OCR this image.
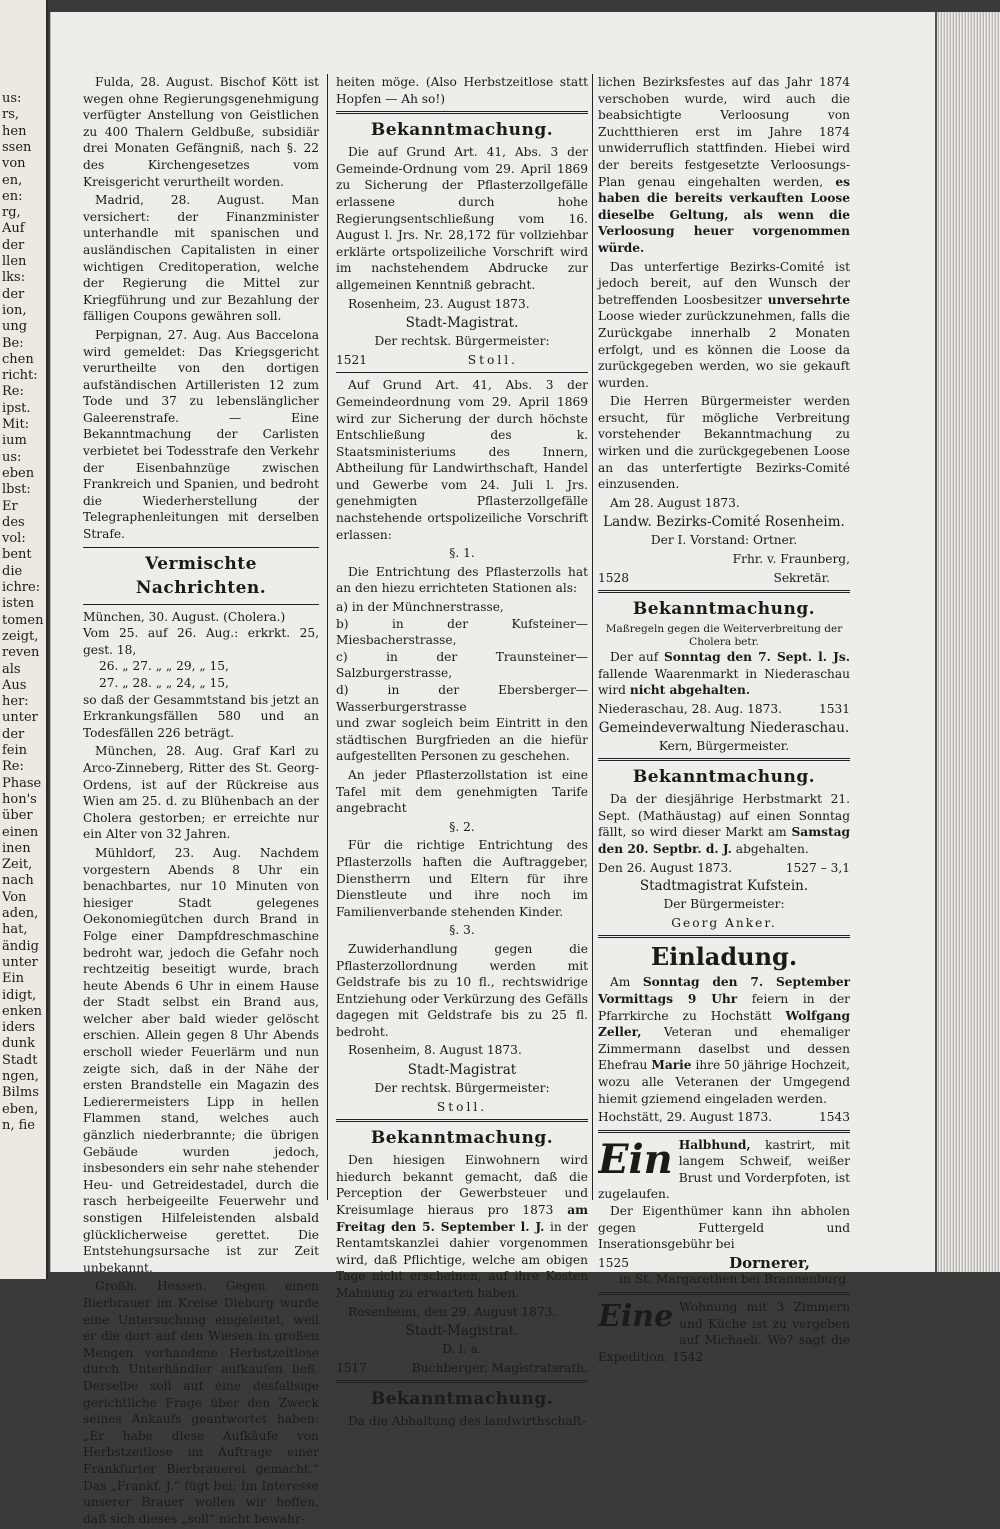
us:
rs,
hen
ssen
von
en,
en:
rg,
Auf
der
llen
lks:
der
ion,
ung
Be:
chen
richt:
Re:
ipst.
Mit:
ium
us:
eben
lbst:
Er
des
vol:
bent
die
ichre:
isten
tomen
zeigt,
reven
als
Aus
her:
unter
der
fein
Re:
Phase
hon's
über
einen
inen
Zeit,
nach
Von
aden,
hat,
ändig
unter
Ein
idigt,
enken
iders
dunk
Stadt
ngen,
Bilms
eben,
n, fie

Fulda, 28. August. Bischof Kött ist wegen ohne Regierungsgenehmigung verfügter Anstellung von Geistlichen zu 400 Thalern Geldbuße, subsidiär drei Monaten Gefängniß, nach §. 22 des Kirchengesetzes vom Kreisgericht verurtheilt worden.

Madrid, 28. August. Man versichert: der Finanzminister unterhandle mit spanischen und ausländischen Capitalisten in einer wichtigen Creditoperation, welche der Regierung die Mittel zur Kriegführung und zur Bezahlung der fälligen Coupons gewähren soll.

Perpignan, 27. Aug. Aus Baccelona wird gemeldet: Das Kriegsgericht verurtheilte von den dortigen aufständischen Artilleristen 12 zum Tode und 37 zu lebenslänglicher Galeerenstrafe. — Eine Bekanntmachung der Carlisten verbietet bei Todesstrafe den Verkehr der Eisenbahnzüge zwischen Frankreich und Spanien, und bedroht die Wiederherstellung der Telegraphenleitungen mit derselben Strafe.

Vermischte Nachrichten.
München, 30. August. (Cholera.)
Vom 25. auf 26. Aug.: erkrkt. 25, gest. 18,
26. „ 27. „ „ 29, „ 15,
27. „ 28. „ „ 24, „ 15,

so daß der Gesammtstand bis jetzt an Erkrankungsfällen 580 und an Todesfällen 226 beträgt.

München, 28. Aug. Graf Karl zu Arco-Zinneberg, Ritter des St. Georg-Ordens, ist auf der Rückreise aus Wien am 25. d. zu Blühenbach an der Cholera gestorben; er erreichte nur ein Alter von 32 Jahren.

Mühldorf, 23. Aug. Nachdem vorgestern Abends 8 Uhr ein benachbartes, nur 10 Minuten von hiesiger Stadt gelegenes Oekonomiegütchen durch Brand in Folge einer Dampfdreschmaschine bedroht war, jedoch die Gefahr noch rechtzeitig beseitigt wurde, brach heute Abends 6 Uhr in einem Hause der Stadt selbst ein Brand aus, welcher aber bald wieder gelöscht erschien. Allein gegen 8 Uhr Abends erscholl wieder Feuerlärm und nun zeigte sich, daß in der Nähe der ersten Brandstelle ein Magazin des Ledierermeisters Lipp in hellen Flammen stand, welches auch gänzlich niederbrannte; die übrigen Gebäude wurden jedoch, insbesonders ein sehr nahe stehender Heu- und Getreidestadel, durch die rasch herbeigeeilte Feuerwehr und sonstigen Hilfeleistenden alsbald glücklicherweise gerettet. Die Entstehungsursache ist zur Zeit unbekannt.

Großh. Hessen. Gegen einen Bierbrauer im Kreise Dieburg wurde eine Untersuchung eingeleitet, weil er die dort auf den Wiesen in großen Mengen vorhandene Herbstzeitlose durch Unterhändler aufkaufen ließ. Derselbe soll auf eine desfallsige gerichtliche Frage über den Zweck seines Ankaufs geantwortet haben: „Er habe diese Aufkäufe von Herbstzeitlose im Auftrage einer Frankfurter Bierbrauerei gemacht.“ Das „Frankf. J.“ fügt bei: Im Interesse unserer Brauer wollen wir hoffen, daß sich dieses „soll“ nicht bewahr-

heiten möge. (Also Herbstzeitlose statt Hopfen — Ah so!)

Bekanntmachung.

Die auf Grund Art. 41, Abs. 3 der Gemeinde-Ordnung vom 29. April 1869 zu Sicherung der Pflasterzollgefälle erlassene durch hohe Regierungsentschließung vom 16. August l. Jrs. Nr. 28,172 für vollziehbar erklärte ortspolizeiliche Vorschrift wird im nachstehendem Abdrucke zur allgemeinen Kenntniß gebracht.

Rosenheim, 23. August 1873.

Stadt-Magistrat.

Der rechtsk. Bürgermeister:

1521	Stoll.

Auf Grund Art. 41, Abs. 3 der Gemeindeordnung vom 29. April 1869 wird zur Sicherung der durch höchste Entschließung des k. Staatsministeriums des Innern, Abtheilung für Landwirthschaft, Handel und Gewerbe vom 24. Juli l. Jrs. genehmigten Pflasterzollgefälle nachstehende ortspolizeiliche Vorschrift erlassen:

§. 1.

Die Entrichtung des Pflasterzolls hat an den hiezu errichteten Stationen als:

a) in der Münchnerstrasse,
b) in der Kufsteiner—Miesbacherstrasse,
c) in der Traunsteiner—Salzburgerstrasse,
d) in der Ebersberger—Wasserburgerstrasse

und zwar sogleich beim Eintritt in den städtischen Burgfrieden an die hiefür aufgestellten Personen zu geschehen.

An jeder Pflasterzollstation ist eine Tafel mit dem genehmigten Tarife angebracht

§. 2.

Für die richtige Entrichtung des Pflasterzolls haften die Auftraggeber, Dienstherrn und Eltern für ihre Dienstleute und ihre noch im Familienverbande stehenden Kinder.

§. 3.

Zuwiderhandlung gegen die Pflasterzollordnung werden mit Geldstrafe bis zu 10 fl., rechtswidrige Entziehung oder Verkürzung des Gefälls dagegen mit Geldstrafe bis zu 25 fl. bedroht.

Rosenheim, 8. August 1873.

Stadt-Magistrat

Der rechtsk. Bürgermeister:

Stoll.

Bekanntmachung.

Den hiesigen Einwohnern wird hiedurch bekannt gemacht, daß die Perception der Gewerbsteuer und Kreisumlage hieraus pro 1873 am Freitag den 5. September l. J. in der Rentamtskanzlei dahier vorgenommen wird, daß Pflichtige, welche am obigen Tage nicht erscheinen, auf ihre Kosten Mahnung zu erwarten haben.

Rosenheim, den 29. August 1873.

Stadt-Magistrat.

D. l. a.

1517	Buchberger, Magistratsrath.
Bekanntmachung.

Da die Abhaltung des landwirthschaft-

lichen Bezirksfestes auf das Jahr 1874 verschoben wurde, wird auch die beabsichtigte Verloosung von Zuchtthieren erst im Jahre 1874 unwiderruflich stattfinden. Hiebei wird der bereits festgesetzte Verloosungs-Plan genau eingehalten werden, es haben die bereits verkauften Loose dieselbe Geltung, als wenn die Verloosung heuer vorgenommen würde.

Das unterfertige Bezirks-Comité ist jedoch bereit, auf den Wunsch der betreffenden Loosbesitzer unversehrte Loose wieder zurückzunehmen, falls die Zurückgabe innerhalb 2 Monaten erfolgt, und es können die Loose da zurückgegeben werden, wo sie gekauft wurden.

Die Herren Bürgermeister werden ersucht, für mögliche Verbreitung vorstehender Bekanntmachung zu wirken und die zurückgegebenen Loose an das unterfertigte Bezirks-Comité einzusenden.

Am 28. August 1873.

Landw. Bezirks-Comité Rosenheim.

Der I. Vorstand: Ortner.

Frhr. v. Fraunberg,

1528	Sekretär.
Bekanntmachung.
Maßregeln gegen die Weiterverbreitung der Cholera betr.

Der auf Sonntag den 7. Sept. l. Js. fallende Waarenmarkt in Niederaschau wird nicht abgehalten.

Niederaschau, 28. Aug. 1873.	1531
Gemeindeverwaltung Niederaschau.

Kern, Bürgermeister.

Bekanntmachung.

Da der diesjährige Herbstmarkt 21. Sept. (Mathäustag) auf einen Sonntag fällt, so wird dieser Markt am Samstag den 20. Septbr. d. J. abgehalten.

Den 26. August 1873.	1527 – 3,1
Stadtmagistrat Kufstein.

Der Bürgermeister:

Georg Anker.

Einladung.

Am Sonntag den 7. September Vormittags 9 Uhr feiern in der Pfarrkirche zu Hochstätt Wolfgang Zeller, Veteran und ehemaliger Zimmermann daselbst und dessen Ehefrau Marie ihre 50 jährige Hochzeit, wozu alle Veteranen der Umgegend hiemit gziemend eingeladen werden.

Hochstätt, 29. August 1873.	1543
Ein Halbhund, kastrirt, mit langem Schweif, weißer Brust und Vorderpfoten, ist zugelaufen.

Der Eigenthümer kann ihn abholen gegen Futtergeld und Inserationsgebühr bei

1525	Dornerer,

in St. Margarethen bei Brannenburg.

Eine Wohnung mit 3 Zimmern und Küche ist zu vergeben auf Michaeli. Wo? sagt die Expedition. 1542
